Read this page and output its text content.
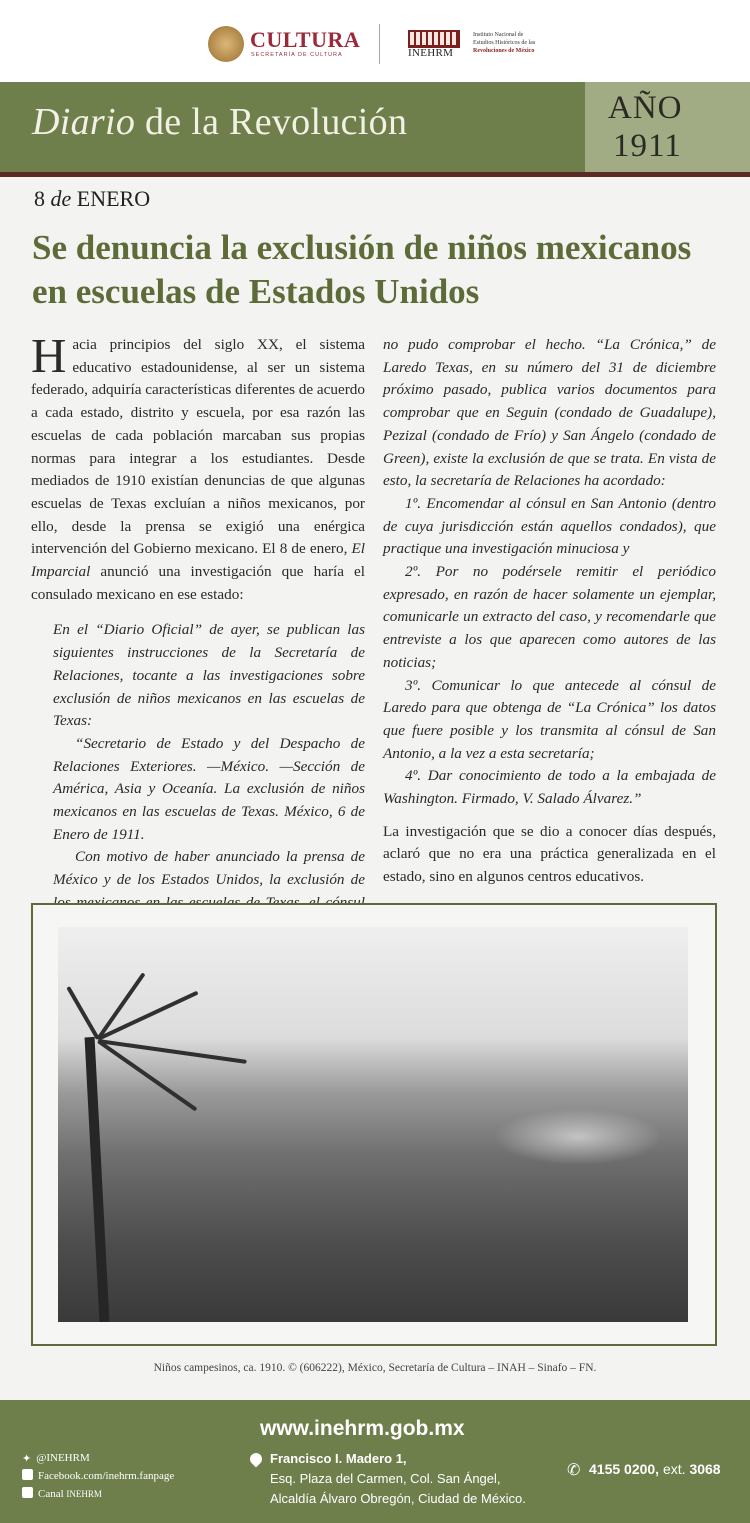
CULTURA
SECRETARÍA DE CULTURA	INEHRM
Instituto Nacional de
Estudios Históricos de las
Revoluciones de México
Diario de la Revolución	AÑO
1911
8 de ENERO
Se denuncia la exclusión de niños mexicanos en escuelas de Estados Unidos

Hacia principios del siglo XX, el sistema educativo estadounidense, al ser un sistema federado, adquiría características diferentes de acuerdo a cada estado, distrito y escuela, por esa razón las escuelas de cada población marcaban sus propias normas para integrar a los estudiantes. Desde mediados de 1910 existían denuncias de que algunas escuelas de Texas excluían a niños mexicanos, por ello, desde la prensa se exigió una enérgica intervención del Gobierno mexicano. El 8 de enero, El Imparcial anunció una investigación que haría el consulado mexicano en ese estado:

En el “Diario Oficial” de ayer, se publican las siguientes instrucciones de la Secretaría de Relaciones, tocante a las investigaciones sobre exclusión de niños mexicanos en las escuelas de Texas:

“Secretario de Estado y del Despacho de Relaciones Exteriores. —México. —Sección de América, Asia y Oceanía. La exclusión de niños mexicanos en las escuelas de Texas. México, 6 de Enero de 1911.

Con motivo de haber anunciado la prensa de México y de los Estados Unidos, la exclusión de

no pudo comprobar el hecho. “La Crónica,” de Laredo Texas, en su número del 31 de diciembre próximo pasado, publica varios documentos para comprobar que en Seguin (condado de Guadalupe), Pezizal (condado de Frío) y San Ángelo (condado de Green), existe la exclusión de que se trata. En vista de esto, la secretaría de Relaciones ha acordado:

1º. Encomendar al cónsul en San Antonio (dentro de cuya jurisdicción están aquellos condados), que practique una investigación minuciosa y

2º. Por no podérsele remitir el periódico expresado, en razón de hacer solamente un ejemplar, comunicarle un extracto del caso, y recomendarle que entreviste a los que aparecen como autores de las noticias;

3º. Comunicar lo que antecede al cónsul de Laredo para que obtenga de “La Crónica” los datos que fuere posible y los transmita al cónsul de San Antonio, a la vez a esta secretaría;

4º. Dar conocimiento de todo a la embajada de Washington. Firmado, V. Salado Álvarez.”

La investigación que se dio a conocer días después, aclaró que no era una práctica generalizada en el estado, sino en algunos centros educativos.

Niños campesinos, ca. 1910. © (606222), México, Secretaría de Cultura – INAH – Sinafo – FN.
www.inehrm.gob.mx
✦ @INEHRM
Facebook.com/inehrm.fanpage
Canal INEHRM
Francisco I. Madero 1,
Esq. Plaza del Carmen, Col. San Ángel,
Alcaldía Álvaro Obregón, Ciudad de México.
✆ 4155 0200, ext. 3068
